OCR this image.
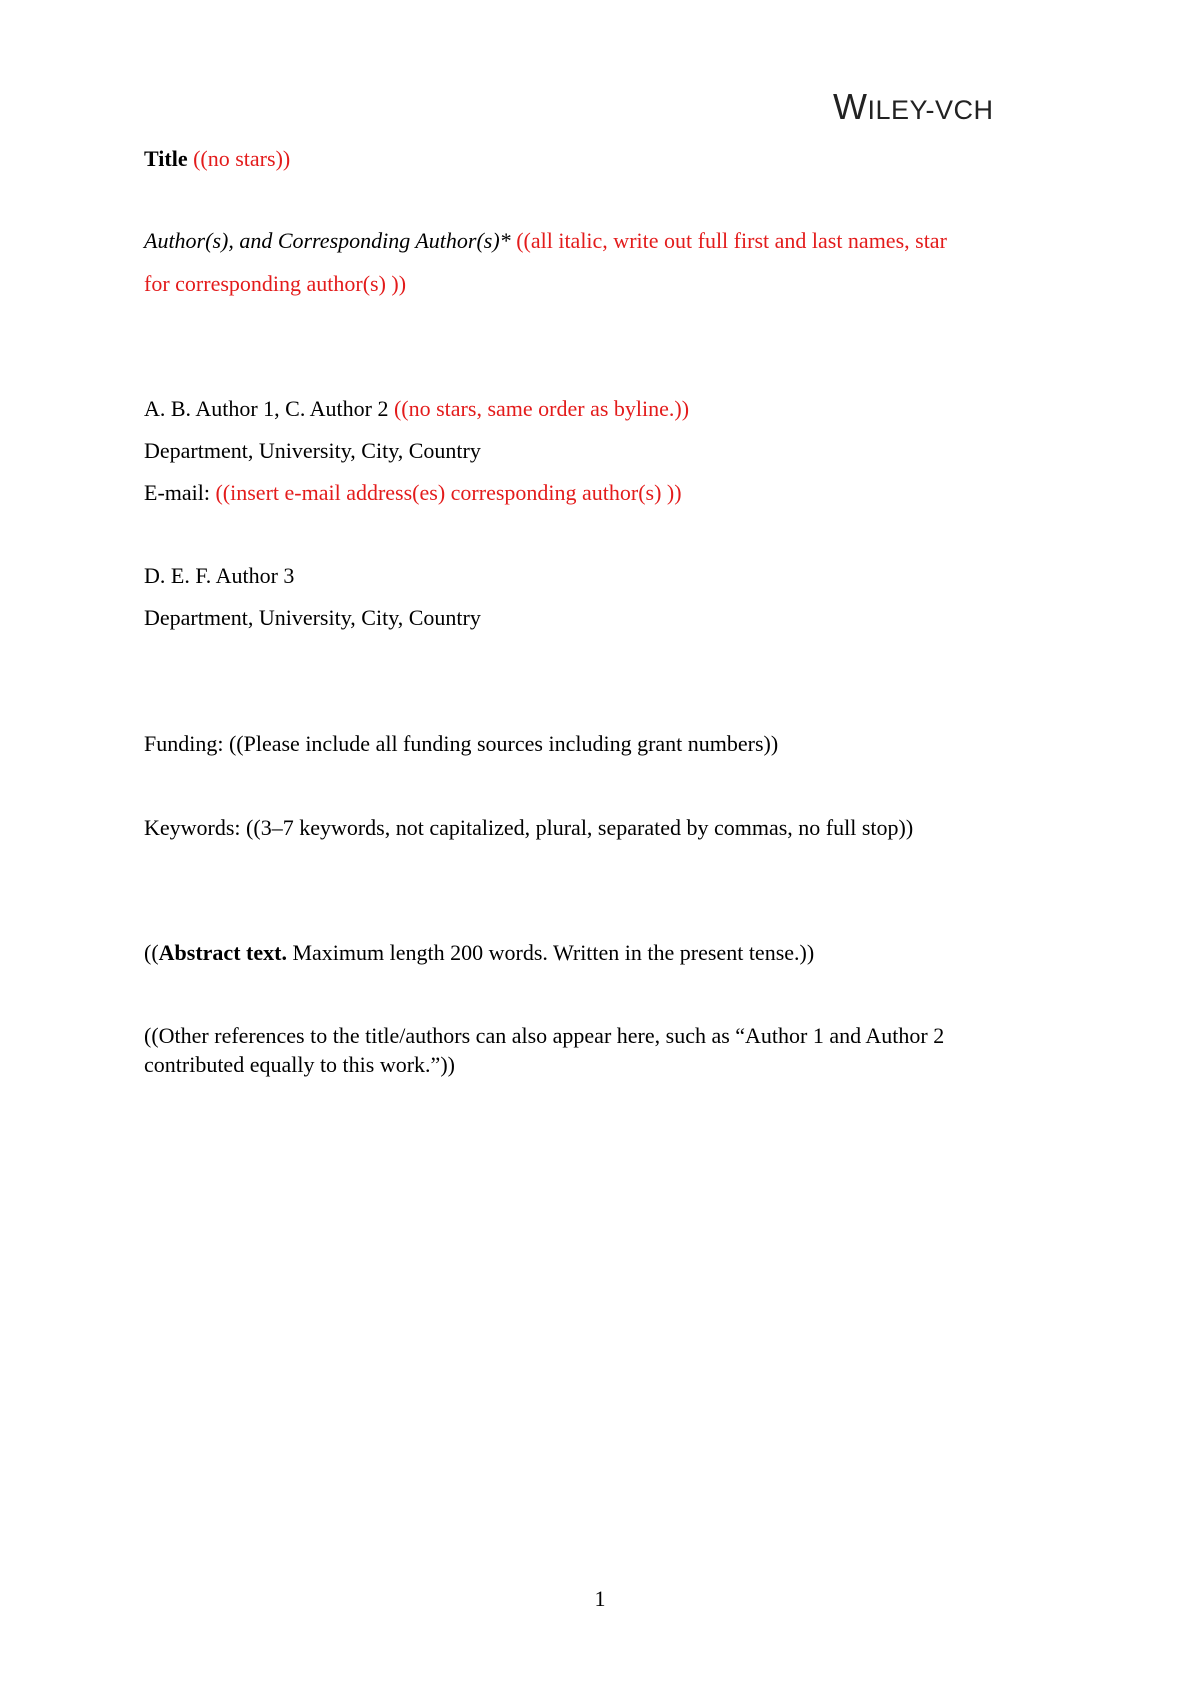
WILEY-VCH
Title ((no stars))
Author(s), and Corresponding Author(s)* ((all italic, write out full first and last names, star
for corresponding author(s) ))
A. B. Author 1, C. Author 2 ((no stars, same order as byline.))
Department, University, City, Country
E-mail: ((insert e-mail address(es) corresponding author(s) ))
D. E. F. Author 3
Department, University, City, Country
Funding: ((Please include all funding sources including grant numbers))
Keywords: ((3–7 keywords, not capitalized, plural, separated by commas, no full stop))
((Abstract text. Maximum length 200 words. Written in the present tense.))
((Other references to the title/authors can also appear here, such as “Author 1 and Author 2
contributed equally to this work.”))
1
